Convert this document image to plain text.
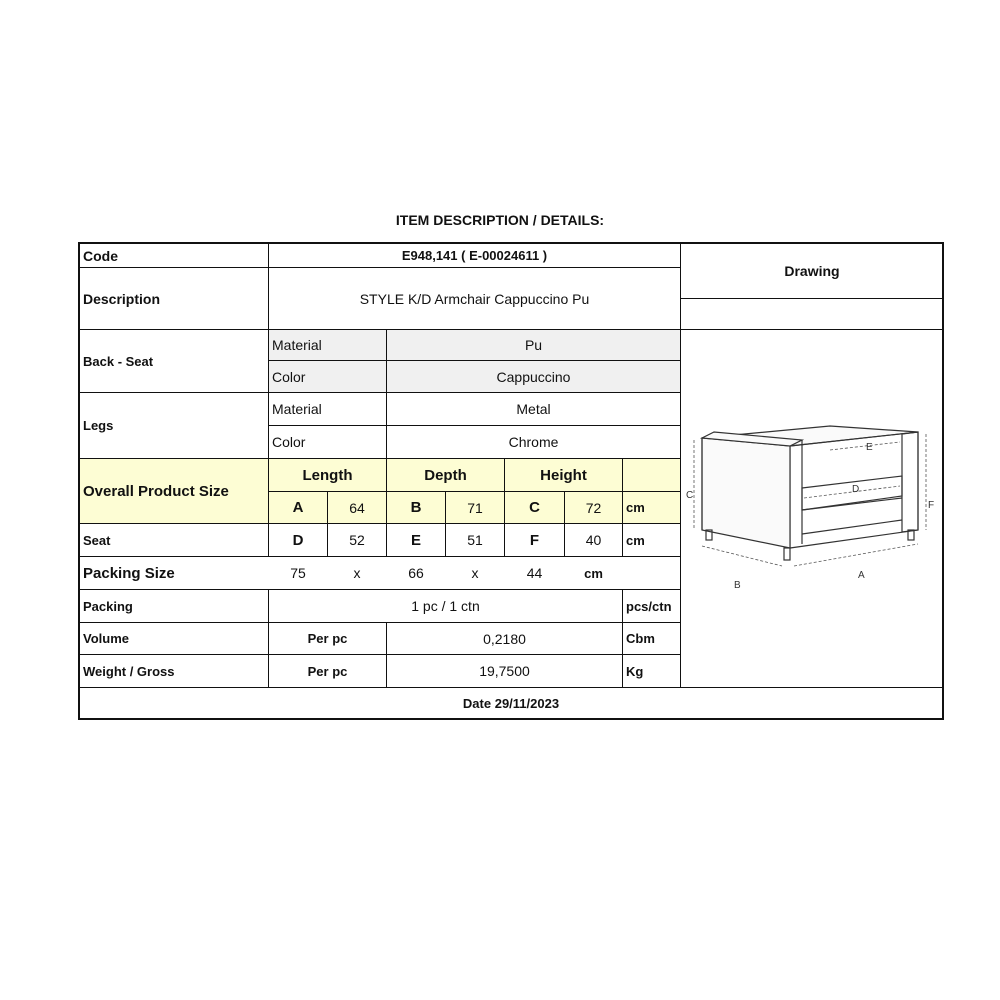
ITEM DESCRIPTION / DETAILS:
Code	E948,141 ( E-00024611 )
Drawing
Description	STYLE K/D Armchair Cappuccino Pu
Back - Seat
Material	Pu
Color	Cappuccino
Legs
Material	Metal
Color	Chrome
Overall Product Size
Length	Depth	Height
A	64	B	71	C	72	cm
Seat	D	52	E	51	F	40	cm
Packing Size	75	x	66	x	44	cm
Packing	1 pc / 1 ctn	pcs/ctn
Volume	Per pc	0,2180	Cbm
Weight / Gross	Per pc	19,7500	Kg
Date 29/11/2023
E
D
C
F
B
A
